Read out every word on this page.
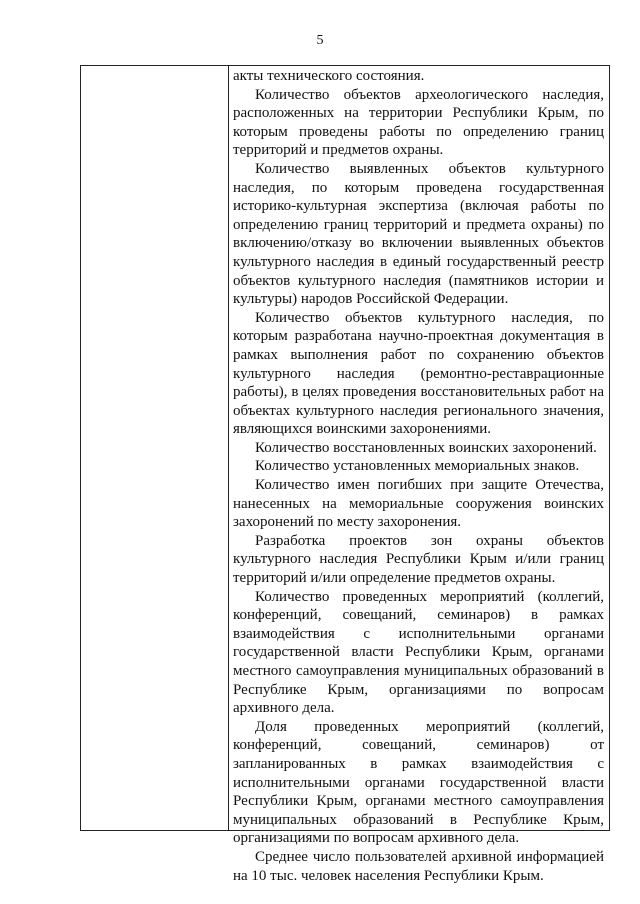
5

акты технического состояния.

Количество объектов археологического наследия, расположенных на территории Республики Крым, по которым проведены работы по определению границ территорий и предметов охраны.

Количество выявленных объектов культурного наследия, по которым проведена государственная историко-культурная экспертиза (включая работы по определению границ территорий и предмета охраны) по включению/отказу во включении выявленных объектов культурного наследия в единый государственный реестр объектов культурного наследия (памятников истории и культуры) народов Российской Федерации.

Количество объектов культурного наследия, по которым разработана научно-проектная документация в рамках выполнения работ по сохранению объектов культурного наследия (ремонтно-реставрационные работы), в целях проведения восстановительных работ на объектах культурного наследия регионального значения, являющихся воинскими захоронениями.

Количество восстановленных воинских захоронений.

Количество установленных мемориальных знаков.

Количество имен погибших при защите Отечества, нанесенных на мемориальные сооружения воинских захоронений по месту захоронения.

Разработка проектов зон охраны объектов культурного наследия Республики Крым и/или границ территорий и/или определение предметов охраны.

Количество проведенных мероприятий (коллегий, конференций, совещаний, семинаров) в рамках взаимодействия с исполнительными органами государственной власти Республики Крым, органами местного самоуправления муниципальных образований в Республике Крым, организациями по вопросам архивного дела.

Доля проведенных мероприятий (коллегий, конференций, совещаний, семинаров) от запланированных в рамках взаимодействия с исполнительными органами государственной власти Республики Крым, органами местного самоуправления муниципальных образований в Республике Крым, организациями по вопросам архивного дела.

Среднее число пользователей архивной информацией на 10 тыс. человек населения Республики Крым.
